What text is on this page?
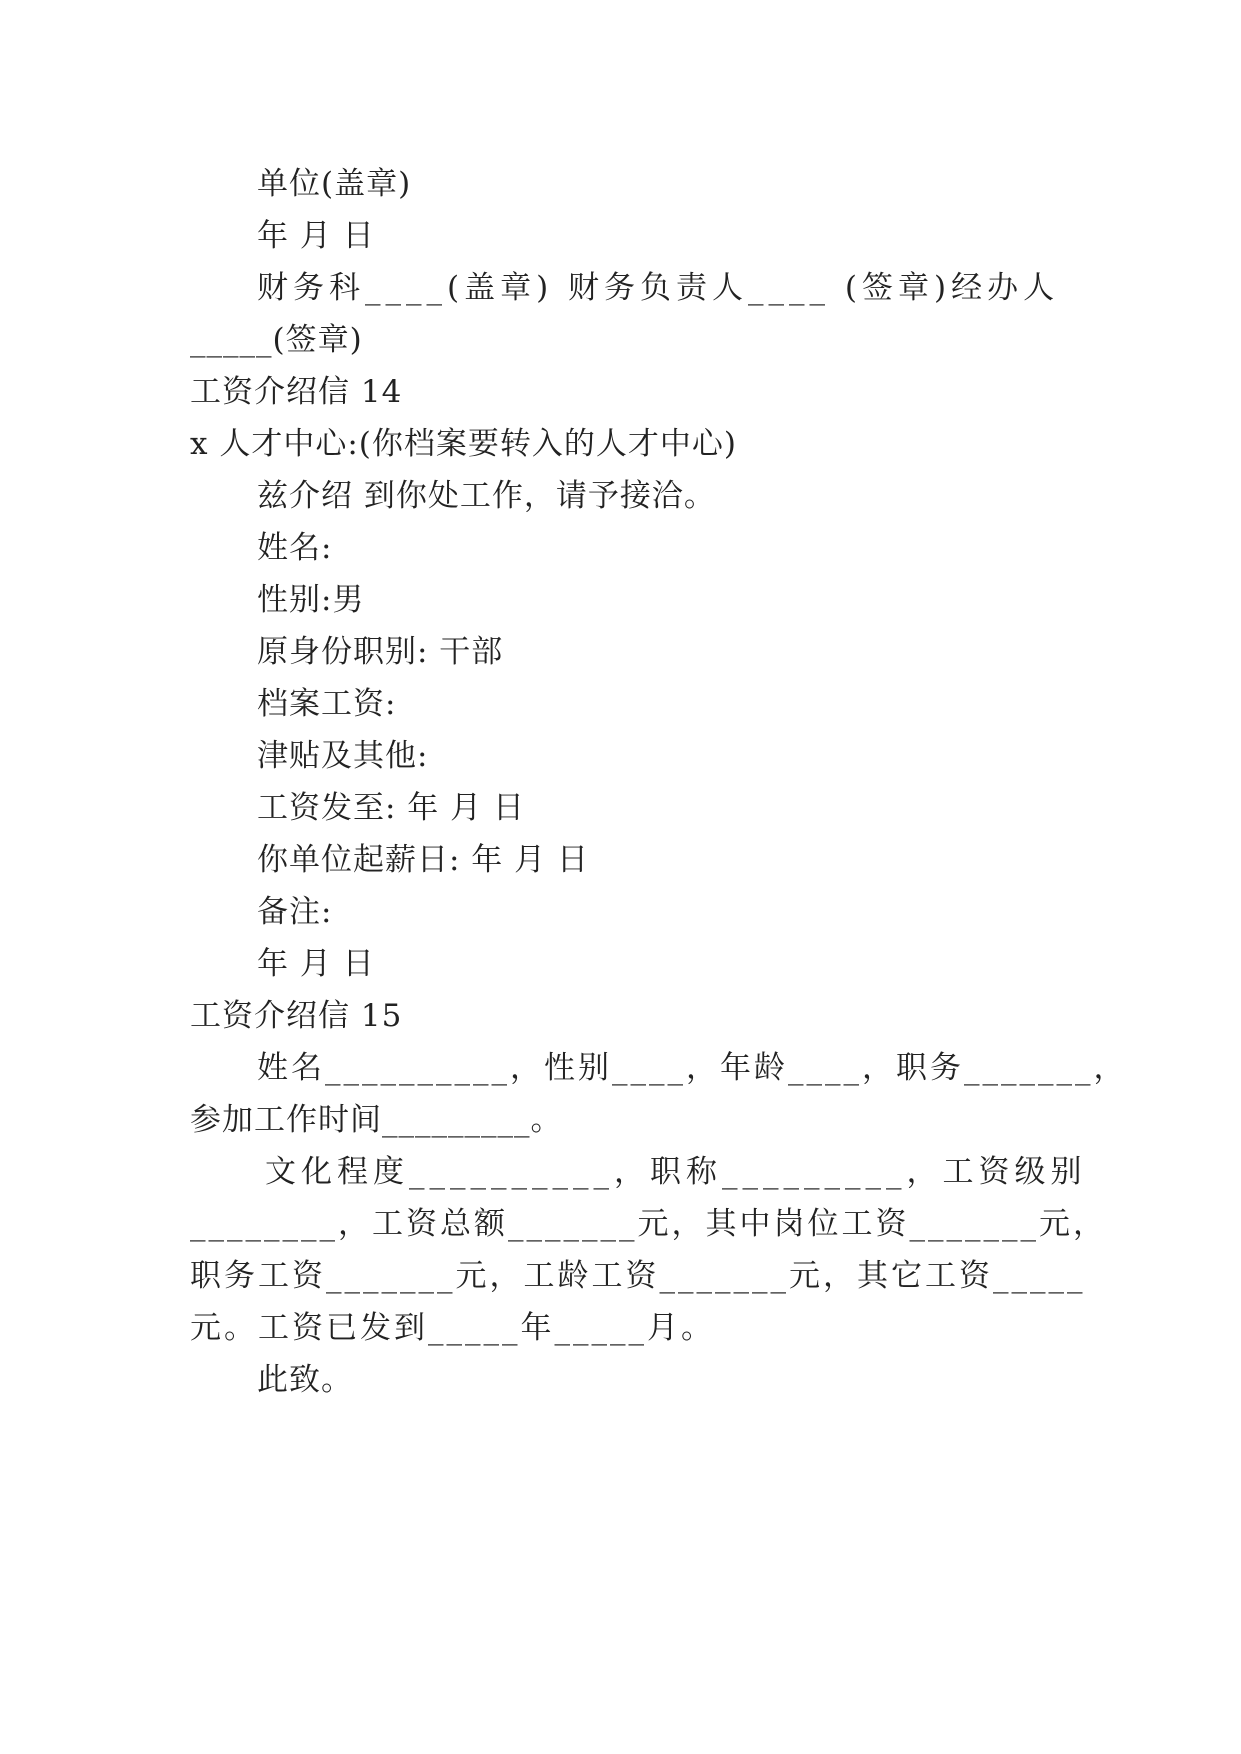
单位(盖章)
年 月 日
财务科____(盖章) 财务负责人____ (签章)经办人
_____(签章)
工资介绍信 14
x 人才中心:(你档案要转入的人才中心)
兹介绍 到你处工作，请予接洽。
姓名:
性别:男
原身份职别: 干部
档案工资:
津贴及其他:
工资发至: 年 月 日
你单位起薪日: 年 月 日
备注:
年 月 日
工资介绍信 15
姓名__________，性别____，年龄____，职务_______，
参加工作时间_________。
文化程度__________，职称_________，工资级别
________，工资总额_______元，其中岗位工资_______元，
职务工资_______元，工龄工资_______元，其它工资_____
元。工资已发到_____年_____月。
此致。
